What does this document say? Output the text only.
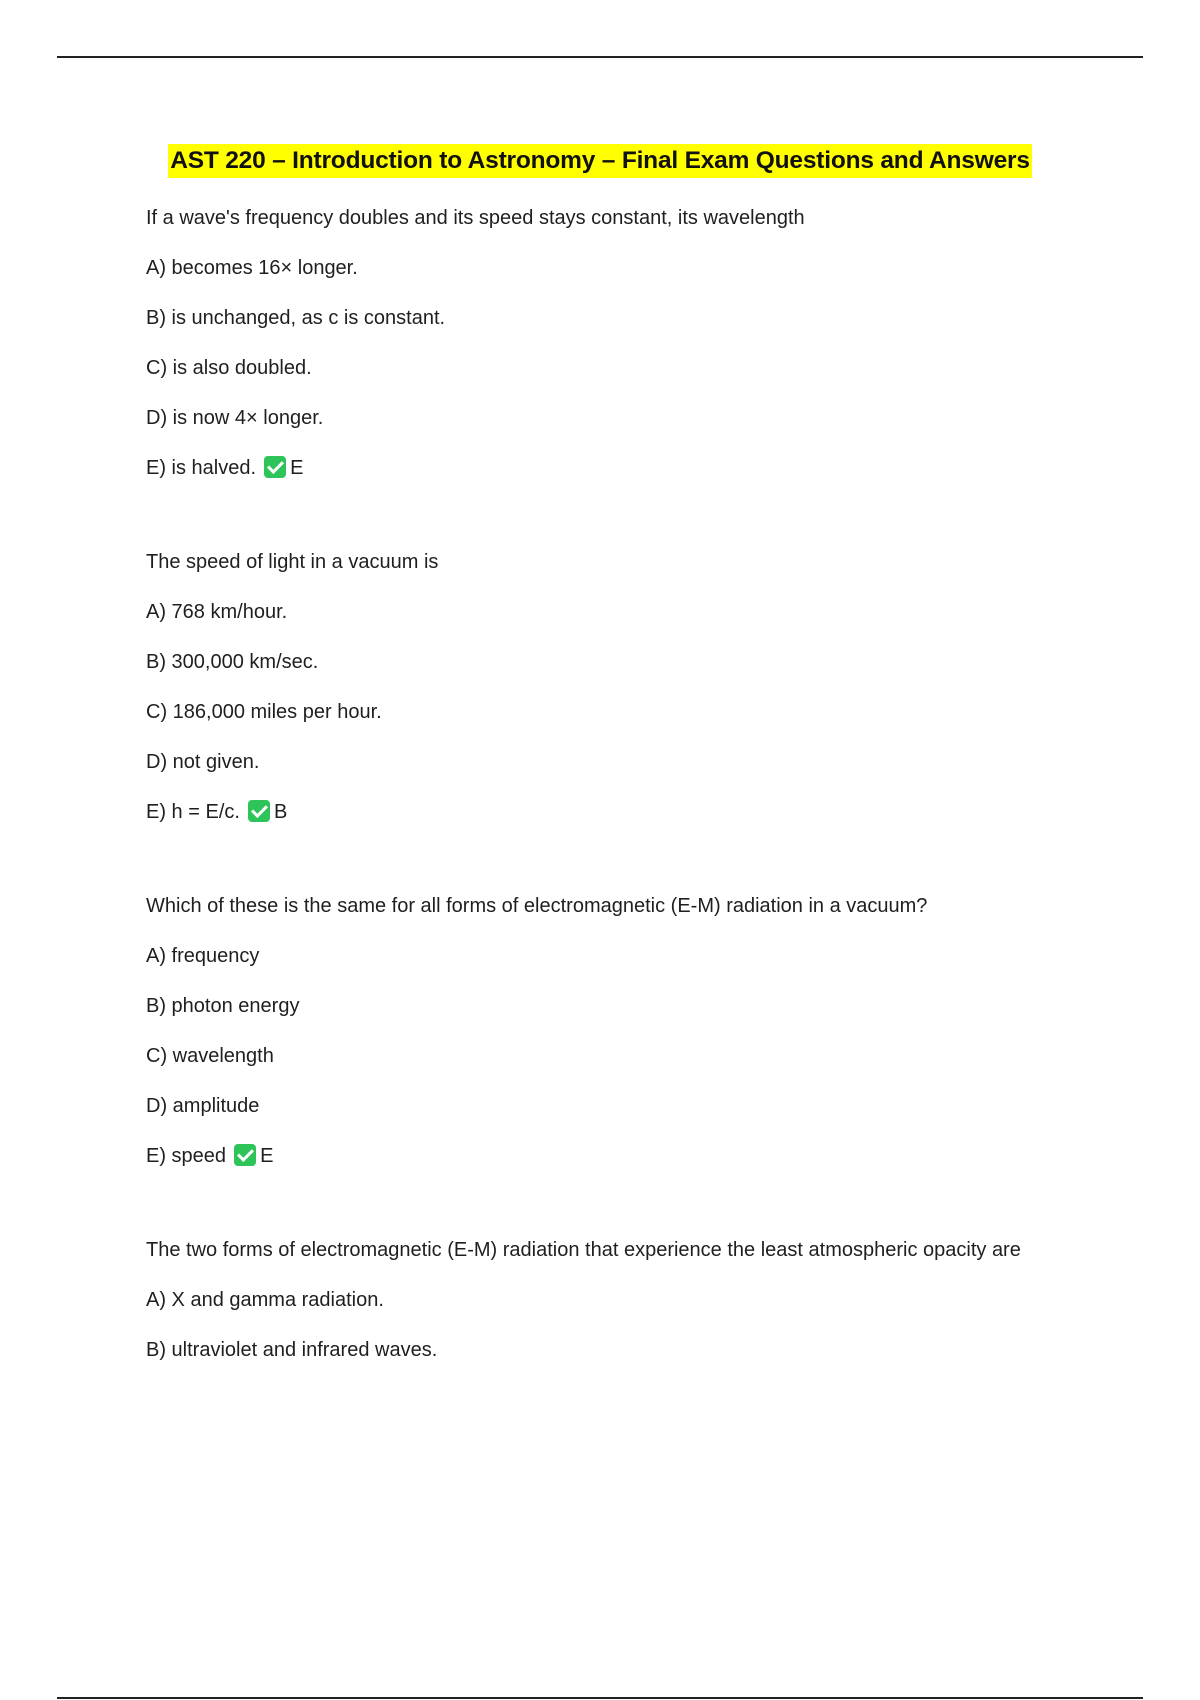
AST 220 – Introduction to Astronomy – Final Exam Questions and Answers

If a wave's frequency doubles and its speed stays constant, its wavelength

A) becomes 16× longer.

B) is unchanged, as c is constant.

C) is also doubled.

D) is now 4× longer.

E) is halved. E

The speed of light in a vacuum is

A) 768 km/hour.

B) 300,000 km/sec.

C) 186,000 miles per hour.

D) not given.

E) h = E/c. B

Which of these is the same for all forms of electromagnetic (E-M) radiation in a vacuum?

A) frequency

B) photon energy

C) wavelength

D) amplitude

E) speed E

The two forms of electromagnetic (E-M) radiation that experience the least atmospheric opacity are

A) X and gamma radiation.

B) ultraviolet and infrared waves.
